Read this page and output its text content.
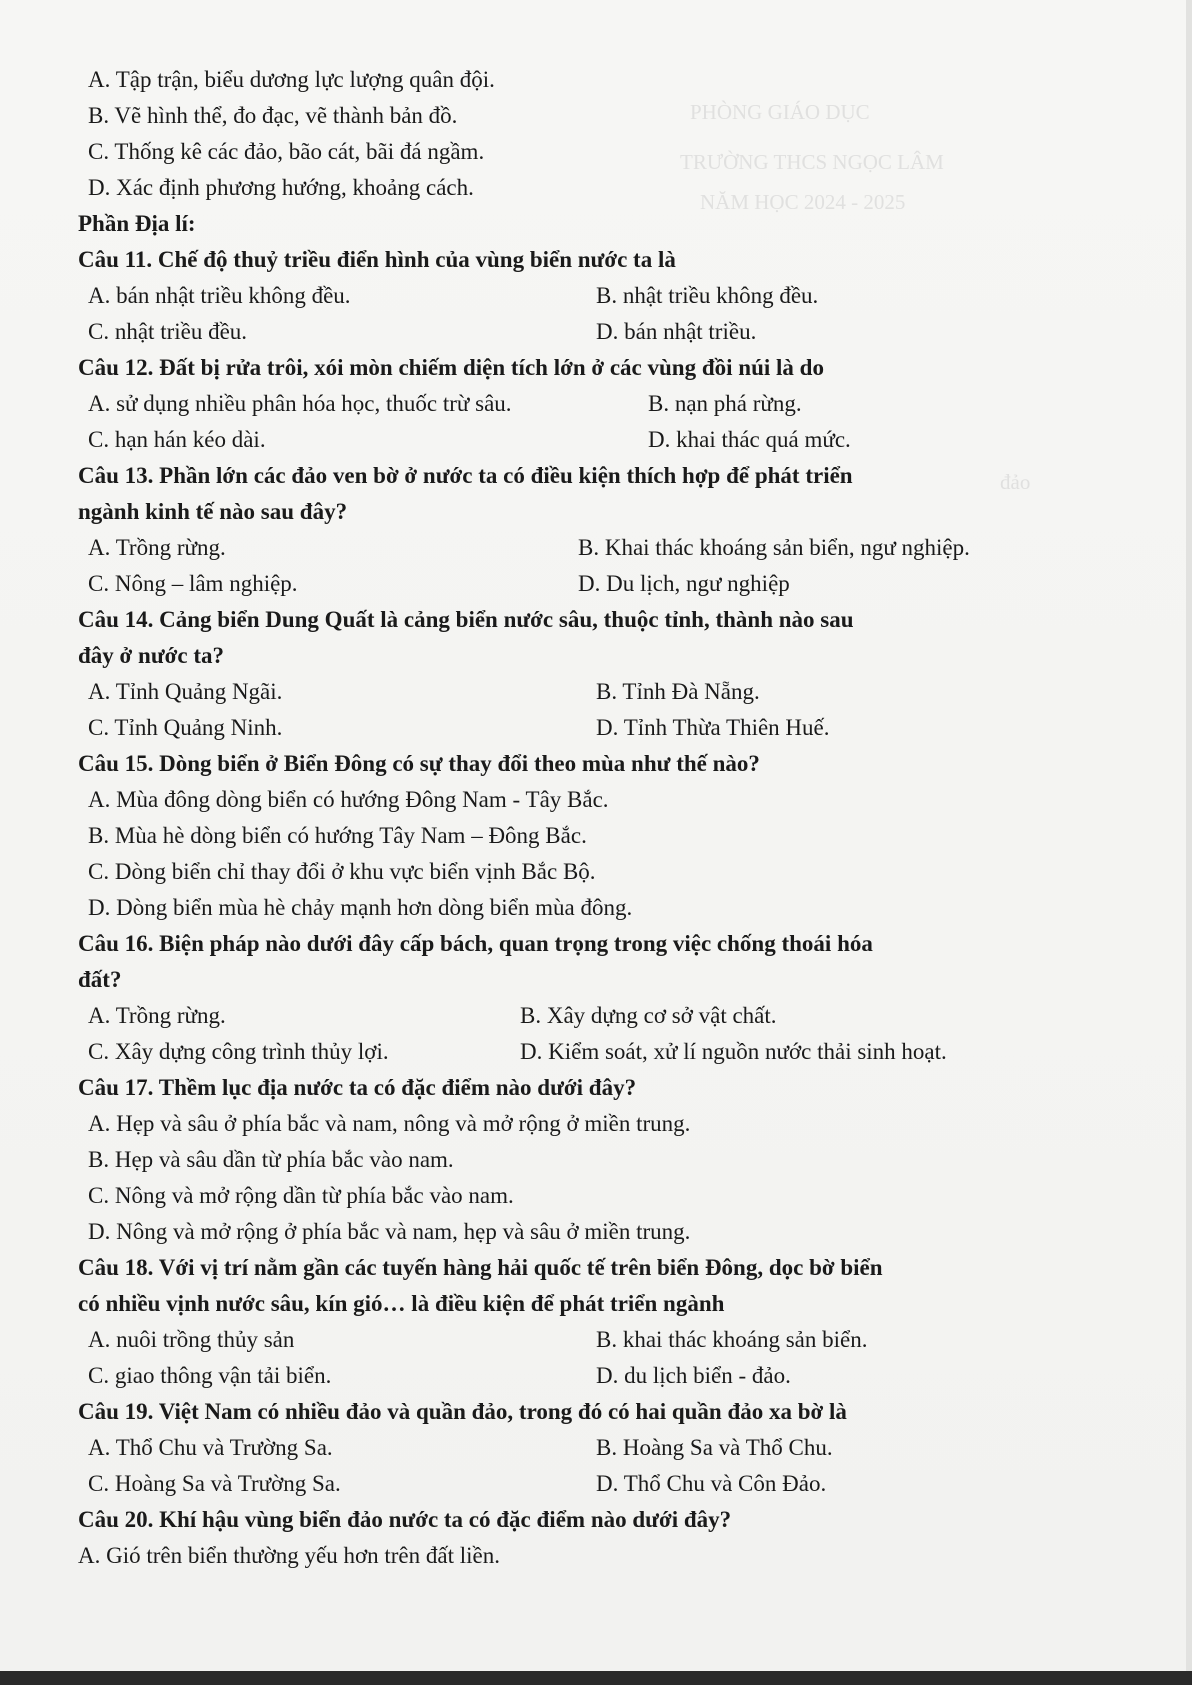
PHÒNG GIÁO DỤC
TRƯỜNG THCS NGỌC LÂM
NĂM HỌC 2024 - 2025
đảo
A. Tập trận, biểu dương lực lượng quân đội.
B. Vẽ hình thể, đo đạc, vẽ thành bản đồ.
C. Thống kê các đảo, bão cát, bãi đá ngầm.
D. Xác định phương hướng, khoảng cách.
Phần Địa lí:
Câu 11. Chế độ thuỷ triều điển hình của vùng biển nước ta là
A. bán nhật triều không đều.	B. nhật triều không đều.
C. nhật triều đều.	D. bán nhật triều.
Câu 12. Đất bị rửa trôi, xói mòn chiếm diện tích lớn ở các vùng đồi núi là do
A. sử dụng nhiều phân hóa học, thuốc trừ sâu.	B. nạn phá rừng.
C. hạn hán kéo dài.	D. khai thác quá mức.
Câu 13. Phần lớn các đảo ven bờ ở nước ta có điều kiện thích hợp để phát triển
ngành kinh tế nào sau đây?
A. Trồng rừng.	B. Khai thác khoáng sản biển, ngư nghiệp.
C. Nông – lâm nghiệp.	D. Du lịch, ngư nghiệp
Câu 14. Cảng biển Dung Quất là cảng biển nước sâu, thuộc tỉnh, thành nào sau
đây ở nước ta?
A. Tỉnh Quảng Ngãi.	B. Tỉnh Đà Nẵng.
C. Tỉnh Quảng Ninh.	D. Tỉnh Thừa Thiên Huế.
Câu 15. Dòng biển ở Biển Đông có sự thay đổi theo mùa như thế nào?
A. Mùa đông dòng biển có hướng Đông Nam - Tây Bắc.
B. Mùa hè dòng biển có hướng Tây Nam – Đông Bắc.
C. Dòng biển chỉ thay đổi ở khu vực biển vịnh Bắc Bộ.
D. Dòng biển mùa hè chảy mạnh hơn dòng biển mùa đông.
Câu 16. Biện pháp nào dưới đây cấp bách, quan trọng trong việc chống thoái hóa
đất?
A. Trồng rừng.	B. Xây dựng cơ sở vật chất.
C. Xây dựng công trình thủy lợi.	D. Kiểm soát, xử lí nguồn nước thải sinh hoạt.
Câu 17. Thềm lục địa nước ta có đặc điểm nào dưới đây?
A. Hẹp và sâu ở phía bắc và nam, nông và mở rộng ở miền trung.
B. Hẹp và sâu dần từ phía bắc vào nam.
C. Nông và mở rộng dần từ phía bắc vào nam.
D. Nông và mở rộng ở phía bắc và nam, hẹp và sâu ở miền trung.
Câu 18. Với vị trí nằm gần các tuyến hàng hải quốc tế trên biển Đông, dọc bờ biển
có nhiều vịnh nước sâu, kín gió… là điều kiện để phát triển ngành
A. nuôi trồng thủy sản	B. khai thác khoáng sản biển.
C. giao thông vận tải biển.	D. du lịch biển - đảo.
Câu 19. Việt Nam có nhiều đảo và quần đảo, trong đó có hai quần đảo xa bờ là
A. Thổ Chu và Trường Sa.	B. Hoàng Sa và Thổ Chu.
C. Hoàng Sa và Trường Sa.	D. Thổ Chu và Côn Đảo.
Câu 20. Khí hậu vùng biển đảo nước ta có đặc điểm nào dưới đây?
A. Gió trên biển thường yếu hơn trên đất liền.
